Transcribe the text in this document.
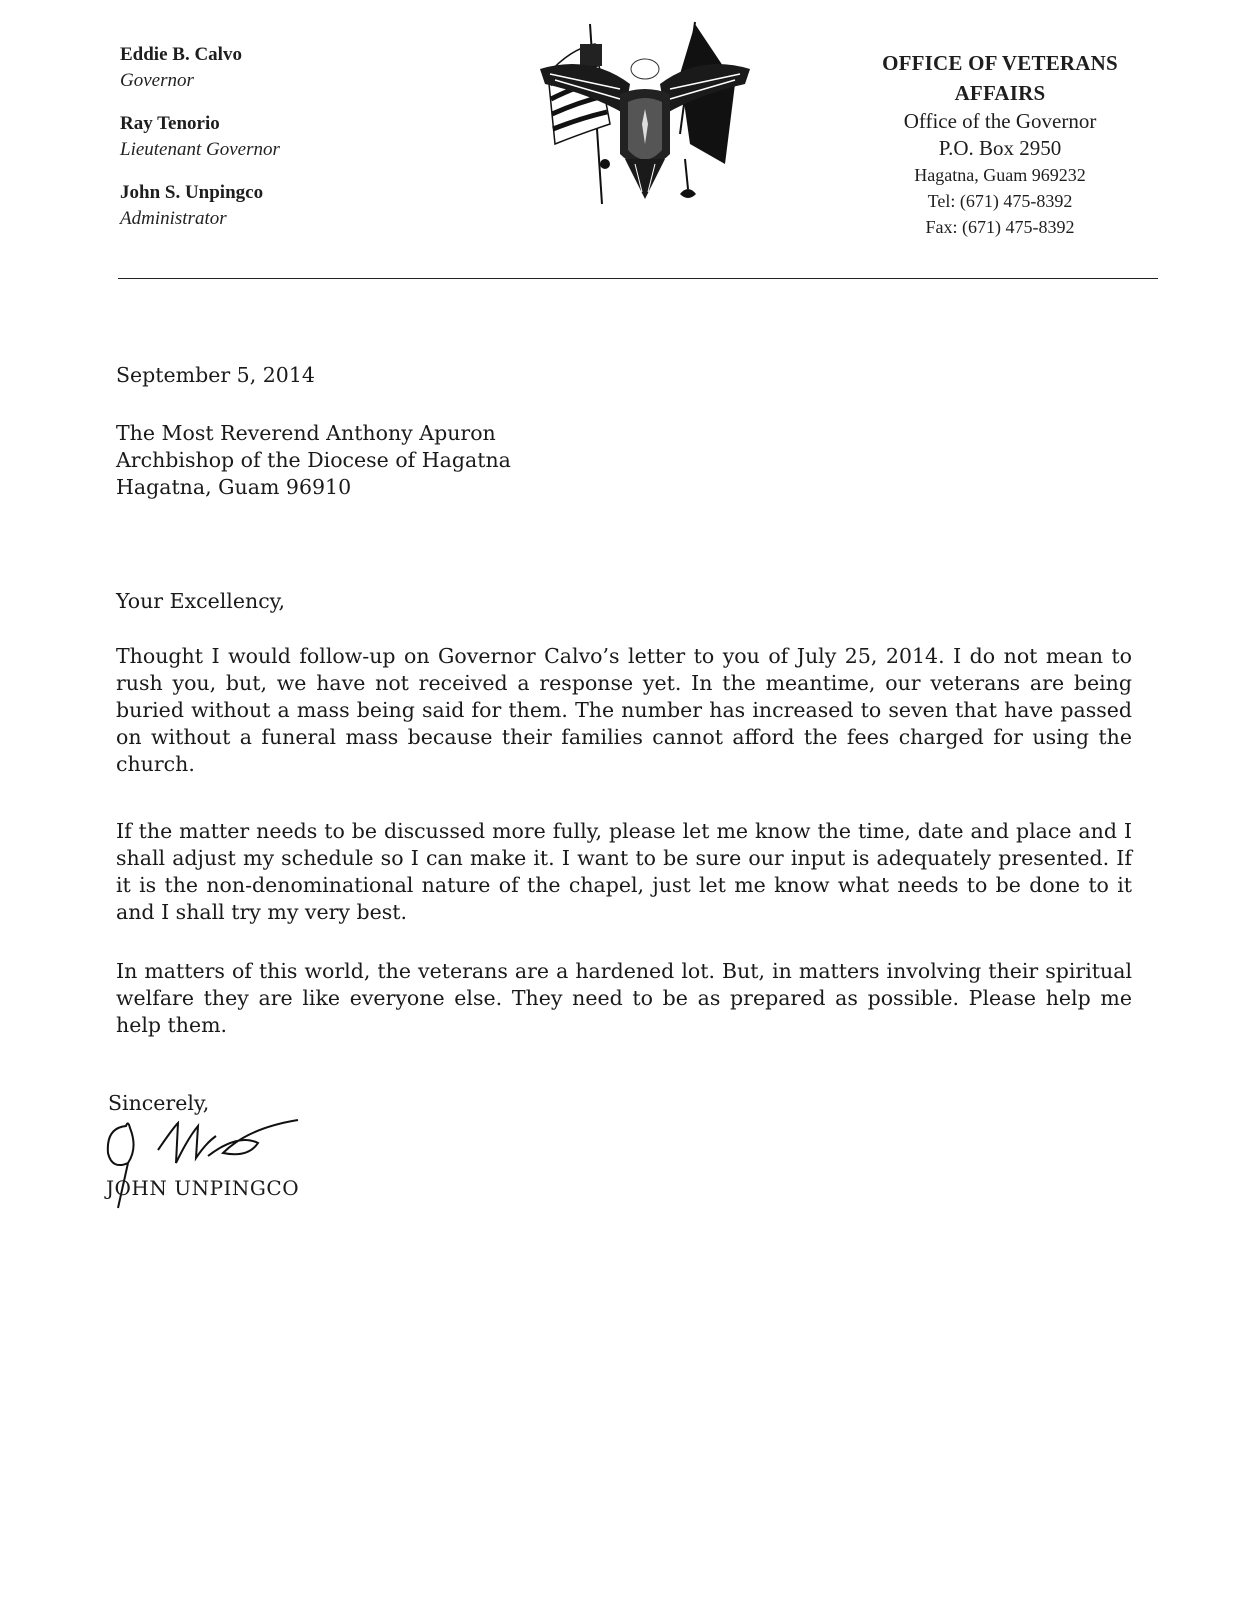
Eddie B. Calvo
Governor
Ray Tenorio
Lieutenant Governor
John S. Unpingco
Administrator
OFFICE OF VETERANS AFFAIRS
Office of the Governor
P.O. Box 2950
Hagatna, Guam 969232
Tel: (671) 475-8392
Fax: (671) 475-8392
September 5, 2014
The Most Reverend Anthony Apuron
Archbishop of the Diocese of Hagatna
Hagatna, Guam 96910
Your Excellency,
Thought I would follow-up on Governor Calvo’s letter to you of July 25, 2014. I do not mean to rush you, but, we have not received a response yet. In the meantime, our veterans are being buried without a mass being said for them. The number has increased to seven that have passed on without a funeral mass because their families cannot afford the fees charged for using the church.
If the matter needs to be discussed more fully, please let me know the time, date and place and I shall adjust my schedule so I can make it. I want to be sure our input is adequately presented. If it is the non-denominational nature of the chapel, just let me know what needs to be done to it and I shall try my very best.
In matters of this world, the veterans are a hardened lot. But, in matters involving their spiritual welfare they are like everyone else. They need to be as prepared as possible. Please help me help them.
Sincerely,
JOHN UNPINGCO
